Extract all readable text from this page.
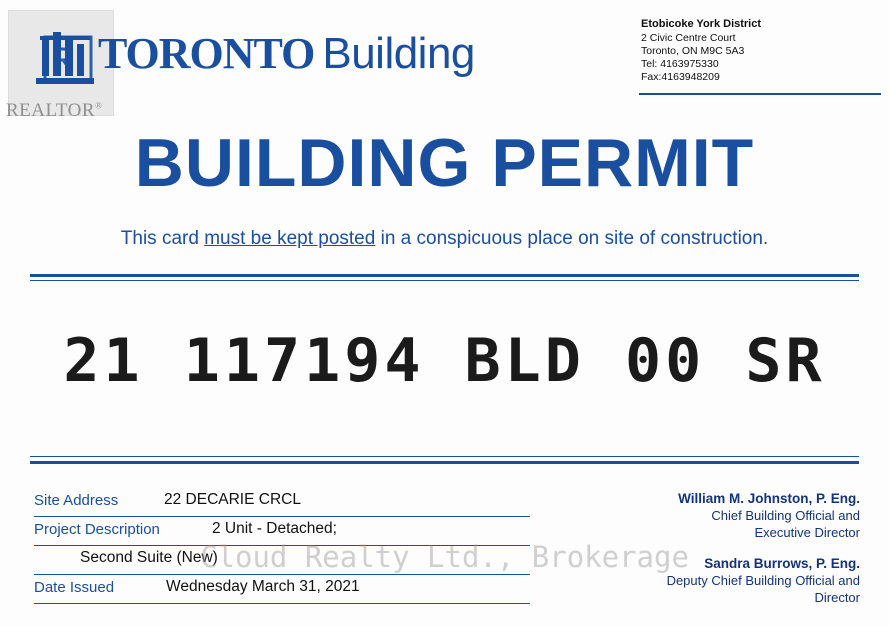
REALTOR®
TORONTO Building
Etobicoke York District
2 Civic Centre Court
Toronto, ON M9C 5A3
Tel: 4163975330
Fax:4163948209
BUILDING PERMIT
This card must be kept posted in a conspicuous place on site of construction.
21 117194 BLD 00 SR
Site Address	22 DECARIE CRCL
Project Description	2 Unit - Detached;
Second Suite (New)
Date Issued	Wednesday March 31, 2021
William M. Johnston, P. Eng.
Chief Building Official and
Executive Director
Sandra Burrows, P. Eng.
Deputy Chief Building Official and
Director
Cloud Realty Ltd., Brokerage
